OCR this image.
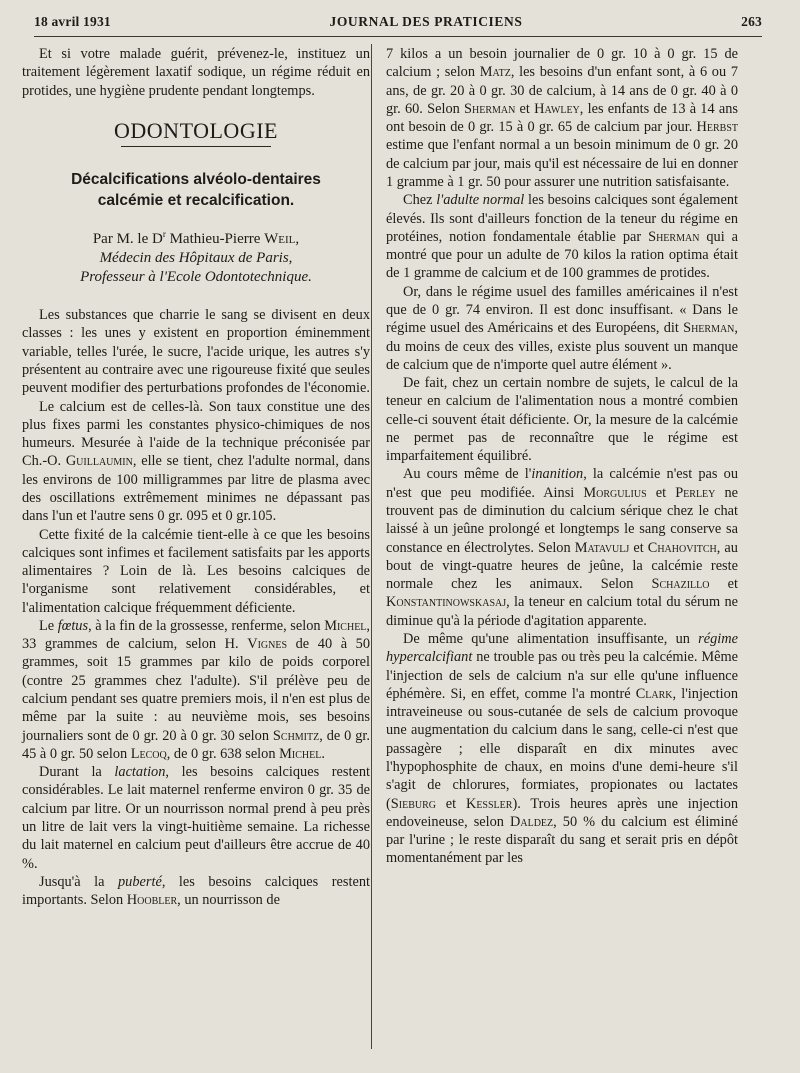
18 avril 1931	JOURNAL DES PRATICIENS	263

Et si votre malade guérit, prévenez-le, instituez un traitement légèrement laxatif sodique, un régime réduit en protides, une hygiène prudente pendant longtemps.

ODONTOLOGIE
Décalcifications alvéolo-dentaires
calcémie et recalcification.
Par M. le $D^r$ Mathieu-Pierre Weil,
Médecin des Hôpitaux de Paris,
Professeur à l'Ecole Odontotechnique.

Les substances que charrie le sang se divisent en deux classes : les unes y existent en proportion éminemment variable, telles l'urée, le sucre, l'acide urique, les autres s'y présentent au contraire avec une rigoureuse fixité que seules peuvent modifier des perturbations profondes de l'économie.

Le calcium est de celles-là. Son taux constitue une des plus fixes parmi les constantes physico-chimiques de nos humeurs. Mesurée à l'aide de la technique préconisée par Ch.-O. Guillaumin, elle se tient, chez l'adulte normal, dans les environs de 100 milligrammes par litre de plasma avec des oscillations extrêmement minimes ne dépassant pas dans l'un et l'autre sens 0 gr. 095 et 0 gr.105.

Cette fixité de la calcémie tient-elle à ce que les besoins calciques sont infimes et facilement satisfaits par les apports alimentaires ? Loin de là. Les besoins calciques de l'organisme sont relativement considérables, et l'alimentation calcique fréquemment déficiente.

Le fœtus, à la fin de la grossesse, renferme, selon Michel, 33 grammes de calcium, selon H. Vignes de 40 à 50 grammes, soit 15 grammes par kilo de poids corporel (contre 25 grammes chez l'adulte). S'il prélève peu de calcium pendant ses quatre premiers mois, il n'en est plus de même par la suite : au neuvième mois, ses besoins journaliers sont de 0 gr. 20 à 0 gr. 30 selon Schmitz, de 0 gr. 45 à 0 gr. 50 selon Lecoq, de 0 gr. 638 selon Michel.

Durant la lactation, les besoins calciques restent considérables. Le lait maternel renferme environ 0 gr. 35 de calcium par litre. Or un nourrisson normal prend à peu près un litre de lait vers la vingt-huitième semaine. La richesse du lait maternel en calcium peut d'ailleurs être accrue de 40 %.

Jusqu'à la puberté, les besoins calciques restent importants. Selon Hoobler, un nourrisson de

7 kilos a un besoin journalier de 0 gr. 10 à 0 gr. 15 de calcium ; selon Matz, les besoins d'un enfant sont, à 6 ou 7 ans, de gr. 20 à 0 gr. 30 de calcium, à 14 ans de 0 gr. 40 à 0 gr. 60. Selon Sherman et Hawley, les enfants de 13 à 14 ans ont besoin de 0 gr. 15 à 0 gr. 65 de calcium par jour. Herbst estime que l'enfant normal a un besoin minimum de 0 gr. 20 de calcium par jour, mais qu'il est nécessaire de lui en donner 1 gramme à 1 gr. 50 pour assurer une nutrition satisfaisante.

Chez l'adulte normal les besoins calciques sont également élevés. Ils sont d'ailleurs fonction de la teneur du régime en protéines, notion fondamentale établie par Sherman qui a montré que pour un adulte de 70 kilos la ration optima était de 1 gramme de calcium et de 100 grammes de protides.

Or, dans le régime usuel des familles américaines il n'est que de 0 gr. 74 environ. Il est donc insuffisant. « Dans le régime usuel des Américains et des Européens, dit Sherman, du moins de ceux des villes, existe plus souvent un manque de calcium que de n'importe quel autre élément ».

De fait, chez un certain nombre de sujets, le calcul de la teneur en calcium de l'alimentation nous a montré combien celle-ci souvent était déficiente. Or, la mesure de la calcémie ne permet pas de reconnaître que le régime est imparfaitement équilibré.

Au cours même de l'inanition, la calcémie n'est pas ou n'est que peu modifiée. Ainsi Morgulius et Perley ne trouvent pas de diminution du calcium sérique chez le chat laissé à un jeûne prolongé et longtemps le sang conserve sa constance en électrolytes. Selon Matavulj et Chahovitch, au bout de vingt-quatre heures de jeûne, la calcémie reste normale chez les animaux. Selon Schazillo et Konstantinowskasaj, la teneur en calcium total du sérum ne diminue qu'à la période d'agitation apparente.

De même qu'une alimentation insuffisante, un régime hypercalcifiant ne trouble pas ou très peu la calcémie. Même l'injection de sels de calcium n'a sur elle qu'une influence éphémère. Si, en effet, comme l'a montré Clark, l'injection intraveineuse ou sous-cutanée de sels de calcium provoque une augmentation du calcium dans le sang, celle-ci n'est que passagère ; elle disparaît en dix minutes avec l'hypophosphite de chaux, en moins d'une demi-heure s'il s'agit de chlorures, formiates, propionates ou lactates (Sieburg et Kessler). Trois heures après une injection endoveineuse, selon Daldez, 50 % du calcium est éliminé par l'urine ; le reste disparaît du sang et serait pris en dépôt momentanément par les
